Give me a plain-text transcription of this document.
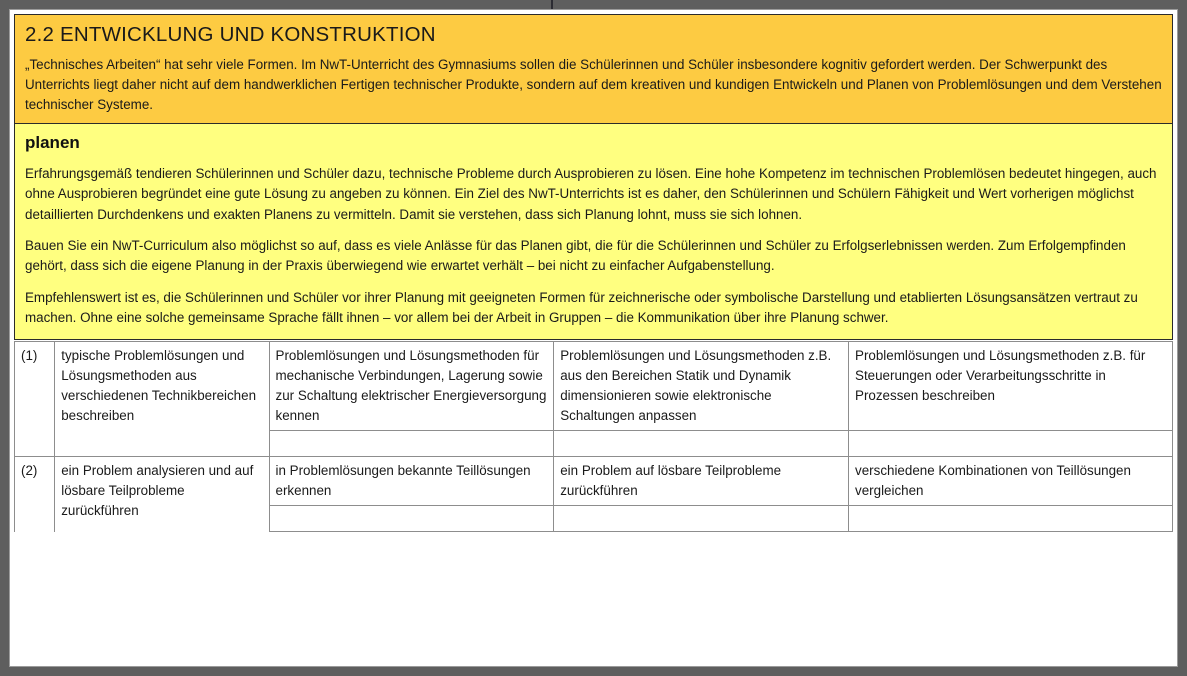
2.2 ENTWICKLUNG UND KONSTRUKTION
„Technisches Arbeiten“ hat sehr viele Formen. Im NwT-Unterricht des Gymnasiums sollen die Schülerinnen und Schüler insbesondere kognitiv gefordert werden. Der Schwerpunkt des Unterrichts liegt daher nicht auf dem handwerklichen Fertigen technischer Produkte, sondern auf dem kreativen und kundigen Entwickeln und Planen von Problemlösungen und dem Verstehen technischer Systeme.
planen
Erfahrungsgemäß tendieren Schülerinnen und Schüler dazu, technische Probleme durch Ausprobieren zu lösen. Eine hohe Kompetenz im technischen Problemlösen bedeutet hingegen, auch ohne Ausprobieren begründet eine gute Lösung zu angeben zu können. Ein Ziel des NwT-Unterrichts ist es daher, den Schülerinnen und Schülern Fähigkeit und Wert vorherigen möglichst detaillierten Durchdenkens und exakten Planens zu vermitteln. Damit sie verstehen, dass sich Planung lohnt, muss sie sich lohnen.
Bauen Sie ein NwT-Curriculum also möglichst so auf, dass es viele Anlässe für das Planen gibt, die für die Schülerinnen und Schüler zu Erfolgserlebnissen werden. Zum Erfolgempfinden gehört, dass sich die eigene Planung in der Praxis überwiegend wie erwartet verhält – bei nicht zu einfacher Aufgabenstellung.
Empfehlenswert ist es, die Schülerinnen und Schüler vor ihrer Planung mit geeigneten Formen für zeichnerische oder symbolische Darstellung und etablierten Lösungsansätzen vertraut zu machen. Ohne eine solche gemeinsame Sprache fällt ihnen – vor allem bei der Arbeit in Gruppen – die Kommunikation über ihre Planung schwer.
(1)	typische Problemlösungen und Lösungsmethoden aus verschiedenen Technikbereichen beschreiben	Problemlösungen und Lösungsmethoden für mechanische Verbindungen, Lagerung sowie zur Schaltung elektrischer Energieversorgung kennen	Problemlösungen und Lösungsmethoden z.B. aus den Bereichen Statik und Dynamik dimensionieren sowie elektronische Schaltungen anpassen	Problemlösungen und Lösungsmethoden z.B. für Steuerungen oder Verarbeitungsschritte in Prozessen beschreiben

(2)	ein Problem analysieren und auf lösbare Teilprobleme zurückführen	in Problemlösungen bekannte Teillösungen erkennen	ein Problem auf lösbare Teilprobleme zurückführen	verschiedene Kombinationen von Teillösungen vergleichen
